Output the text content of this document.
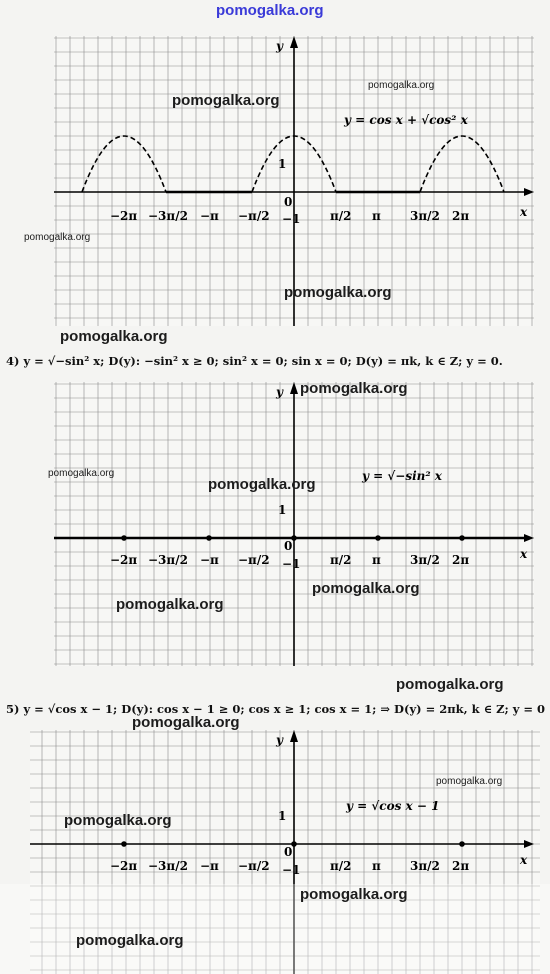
pomogalka.org
x
y
0
1
−1
y = cos x + √cos² x
−2π −3π/2 −π −π/2	π/2 π 3π/2 2π
pomogalka.org
pomogalka.org
pomogalka.org
pomogalka.org
pomogalka.org
4) y = √−sin² x; D(y): −sin² x ≥ 0; sin² x = 0; sin x = 0; D(y) = πk, k ∈ Z; y = 0.
x
y
0
1
−1
y = √−sin² x
−2π −3π/2 −π −π/2	π/2 π 3π/2 2π
pomogalka.org
pomogalka.org
pomogalka.org
pomogalka.org
pomogalka.org
pomogalka.org
5) y = √cos x − 1; D(y): cos x − 1 ≥ 0; cos x ≥ 1; cos x = 1; ⇒ D(y) = 2πk, k ∈ Z; y = 0
x
y
0
1
−1
y = √cos x − 1
−2π −3π/2 −π −π/2	π/2 π 3π/2 2π
pomogalka.org
pomogalka.org
pomogalka.org
pomogalka.org
pomogalka.org
